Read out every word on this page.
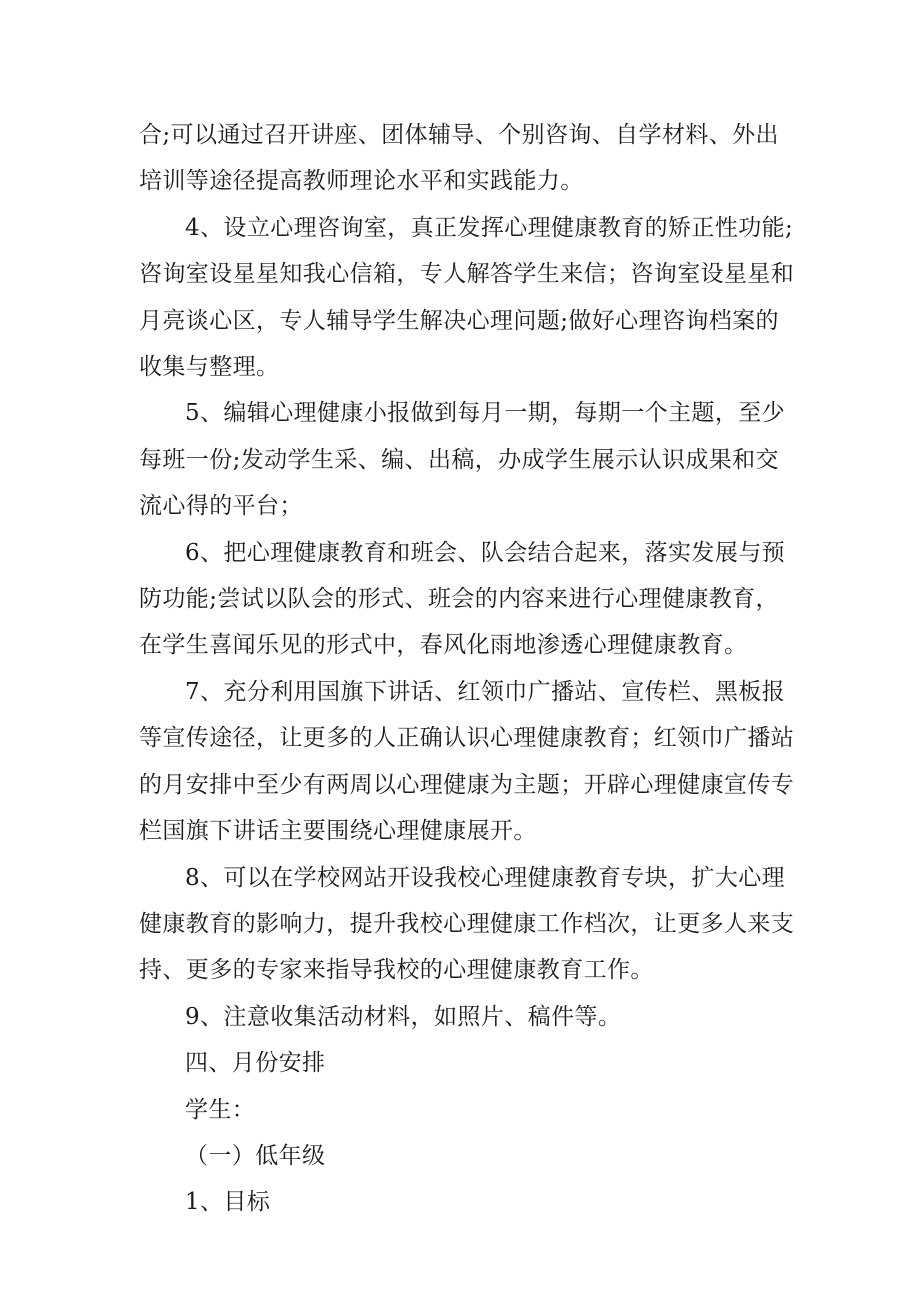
合;可以通过召开讲座、团体辅导、个别咨询、自学材料、外出
培训等途径提高教师理论水平和实践能力。

4、设立心理咨询室，真正发挥心理健康教育的矫正性功能;
咨询室设星星知我心信箱，专人解答学生来信；咨询室设星星和
月亮谈心区，专人辅导学生解决心理问题;做好心理咨询档案的
收集与整理。

5、编辑心理健康小报做到每月一期，每期一个主题，至少
每班一份;发动学生采、编、出稿，办成学生展示认识成果和交
流心得的平台；

6、把心理健康教育和班会、队会结合起来，落实发展与预
防功能;尝试以队会的形式、班会的内容来进行心理健康教育，
在学生喜闻乐见的形式中，春风化雨地渗透心理健康教育。

7、充分利用国旗下讲话、红领巾广播站、宣传栏、黑板报
等宣传途径，让更多的人正确认识心理健康教育；红领巾广播站
的月安排中至少有两周以心理健康为主题；开辟心理健康宣传专
栏国旗下讲话主要围绕心理健康展开。

8、可以在学校网站开设我校心理健康教育专块，扩大心理
健康教育的影响力，提升我校心理健康工作档次，让更多人来支
持、更多的专家来指导我校的心理健康教育工作。

9、注意收集活动材料，如照片、稿件等。

四、月份安排

学生：

（一）低年级

1、目标
